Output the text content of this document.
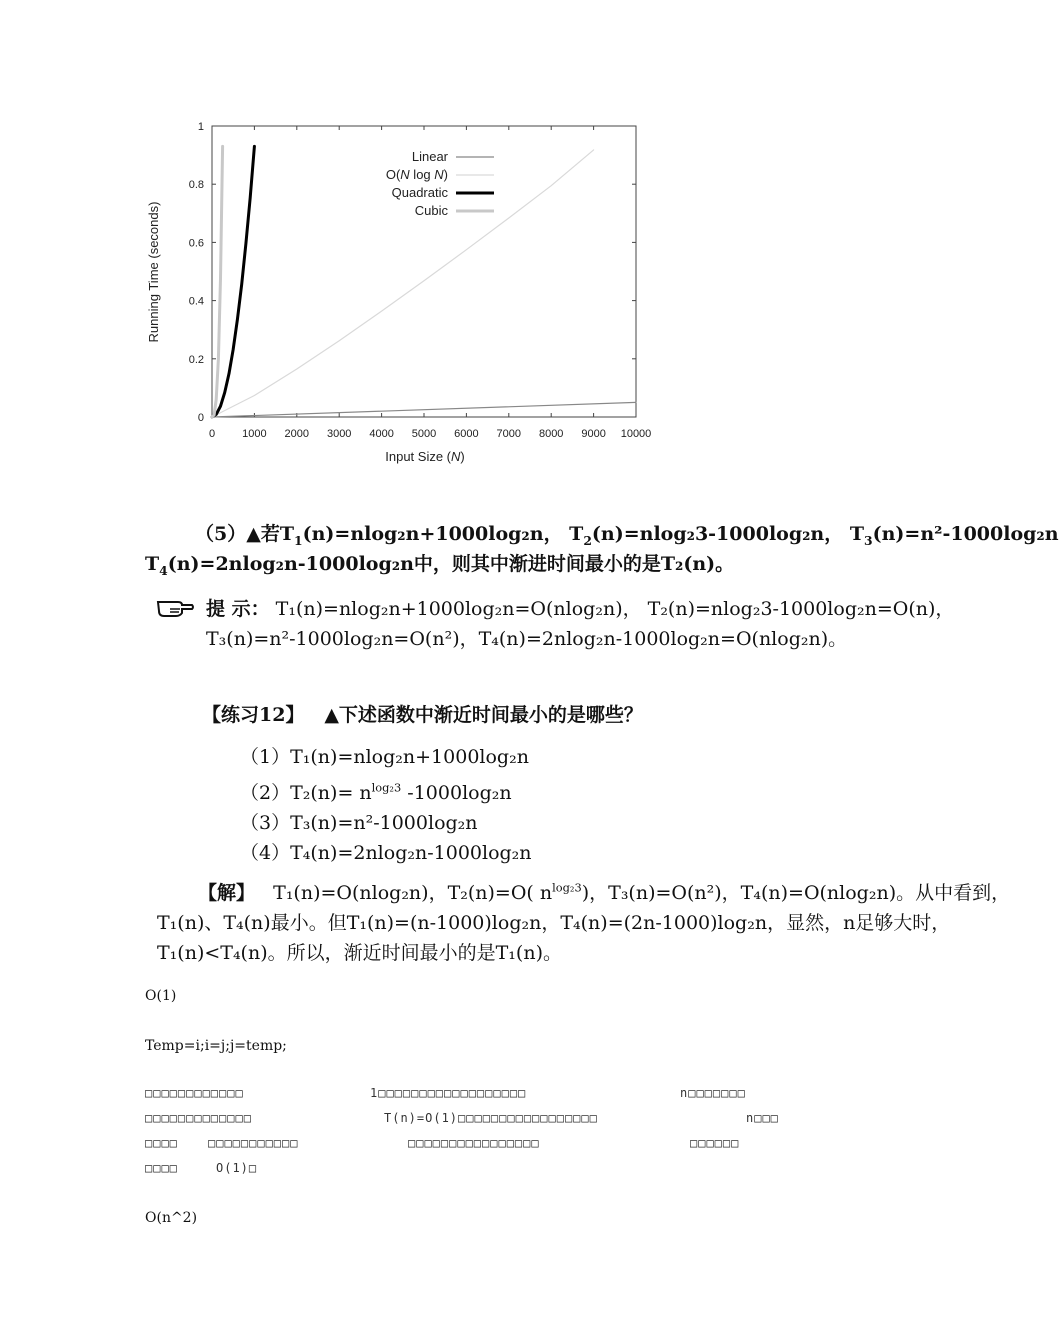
0 1000 2000 3000 4000 5000 6000 7000 8000 9000 10000
0
0.2
0.4
0.6
0.8
1
Linear
O(N log N)
Quadratic
Cubic
Input Size (N)
Running Time (seconds)
（5）▲若$T_1(n)=nlog_2n+1000\log_2n$， $T_2(n)=nlog_23-1000\log_2n$， $T_3(n)=n^2-1000\log_2n$
$T_4(n)=2nlog_2n-1000\log_2n$中，则其中渐进时间最小的是T₂(n)。
提 示： T₁(n)=nlog₂n+1000log₂n=O(nlog₂n)， T₂(n)=nlog₂3-1000log₂n=O(n)，
T₃(n)=n²-1000log₂n=O(n²)，T₄(n)=2nlog₂n-1000log₂n=O(nlog₂n)。
【练习12】 ▲下述函数中渐近时间最小的是哪些？
（1）T₁(n)=nlog₂n+1000log₂n
$(2)T_2(n)= n^{log_23}$ -1000log₂n
（3）T₃(n)=n²-1000log₂n
（4）T₄(n)=2nlog₂n-1000log₂n
【解】 T₁(n)=O(nlog₂n)，T₂(n)=O( $n^{log_23}$)，T₃(n)=O(n²)，T₄(n)=O(nlog₂n)。从中看到，
T₁(n)、T₄(n)最小。但T₁(n)=(n-1000)log₂n，T₄(n)=(2n-1000)log₂n，显然，n足够大时，
T₁(n)<T₄(n)。所以，渐近时间最小的是T₁(n)。
O(1)
Temp=i;i=j;j=temp;
□□□□□□□□□□□□	1□□□□□□□□□□□□□□□□□□	n□□□□□□□
□□□□□□□□□□□□□	T(n)=O(1)□□□□□□□□□□□□□□□□□	n□□□
□□□□	□□□□□□□□□□□	□□□□□□□□□□□□□□□□	□□□□□□
□□□□	O(1)□
O(n^2)
